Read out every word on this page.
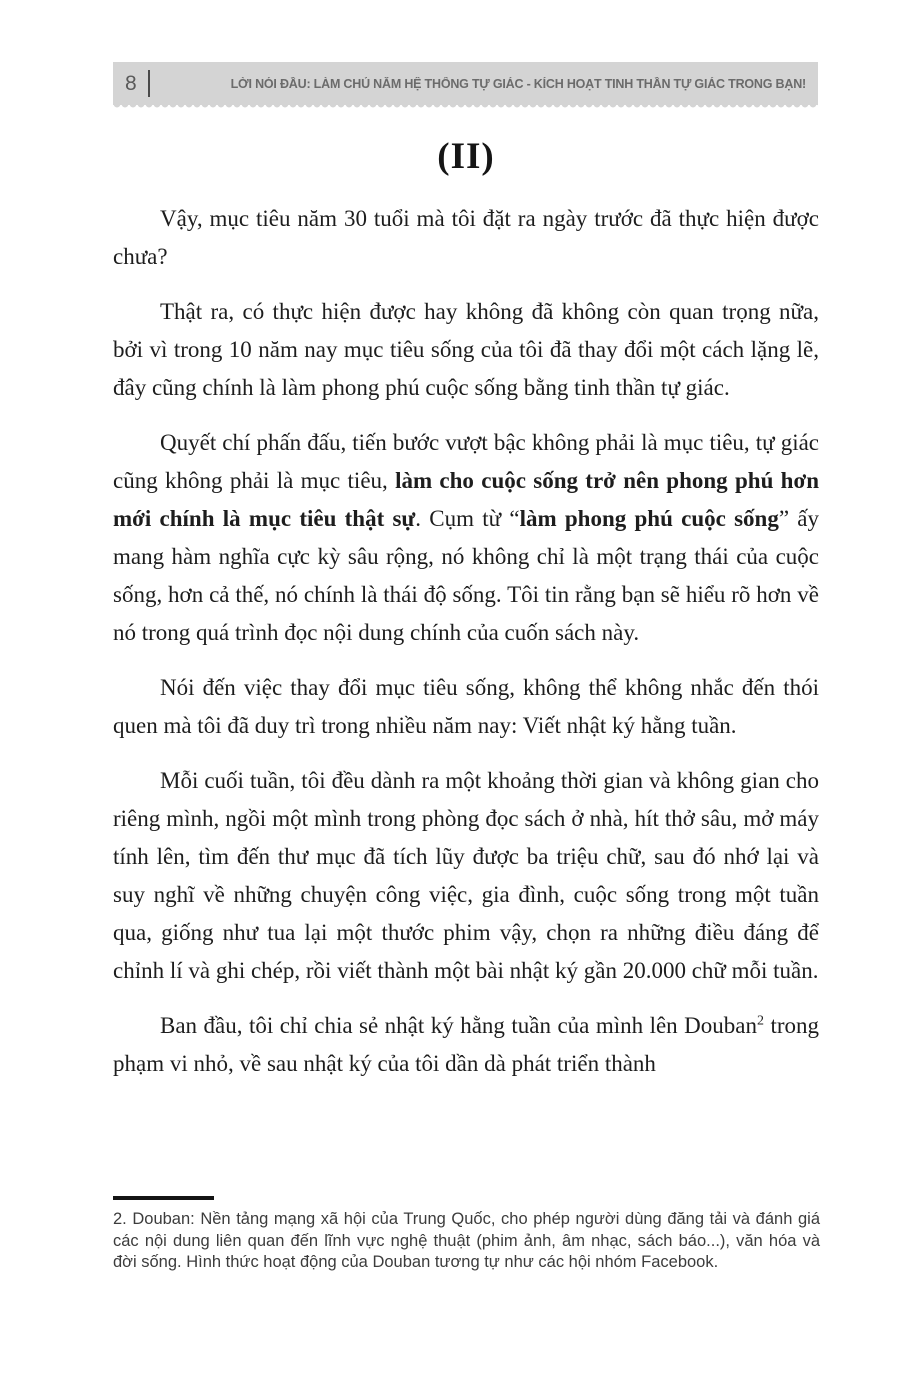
8	LỜI NÓI ĐẦU: LÀM CHỦ NĂM HỆ THỐNG TỰ GIÁC - KÍCH HOẠT TINH THẦN TỰ GIÁC TRONG BẠN!
(II)

Vậy, mục tiêu năm 30 tuổi mà tôi đặt ra ngày trước đã thực hiện được chưa?

Thật ra, có thực hiện được hay không đã không còn quan trọng nữa, bởi vì trong 10 năm nay mục tiêu sống của tôi đã thay đổi một cách lặng lẽ, đây cũng chính là làm phong phú cuộc sống bằng tinh thần tự giác.

Quyết chí phấn đấu, tiến bước vượt bậc không phải là mục tiêu, tự giác cũng không phải là mục tiêu, làm cho cuộc sống trở nên phong phú hơn mới chính là mục tiêu thật sự. Cụm từ “làm phong phú cuộc sống” ấy mang hàm nghĩa cực kỳ sâu rộng, nó không chỉ là một trạng thái của cuộc sống, hơn cả thế, nó chính là thái độ sống. Tôi tin rằng bạn sẽ hiểu rõ hơn về nó trong quá trình đọc nội dung chính của cuốn sách này.

Nói đến việc thay đổi mục tiêu sống, không thể không nhắc đến thói quen mà tôi đã duy trì trong nhiều năm nay: Viết nhật ký hằng tuần.

Mỗi cuối tuần, tôi đều dành ra một khoảng thời gian và không gian cho riêng mình, ngồi một mình trong phòng đọc sách ở nhà, hít thở sâu, mở máy tính lên, tìm đến thư mục đã tích lũy được ba triệu chữ, sau đó nhớ lại và suy nghĩ về những chuyện công việc, gia đình, cuộc sống trong một tuần qua, giống như tua lại một thước phim vậy, chọn ra những điều đáng để chỉnh lí và ghi chép, rồi viết thành một bài nhật ký gần 20.000 chữ mỗi tuần.

Ban đầu, tôi chỉ chia sẻ nhật ký hằng tuần của mình lên Douban$^2$ trong phạm vi nhỏ, về sau nhật ký của tôi dần dà phát triển thành

2. Douban: Nền tảng mạng xã hội của Trung Quốc, cho phép người dùng đăng tải và đánh giá các nội dung liên quan đến lĩnh vực nghệ thuật (phim ảnh, âm nhạc, sách báo...), văn hóa và đời sống. Hình thức hoạt động của Douban tương tự như các hội nhóm Facebook.
